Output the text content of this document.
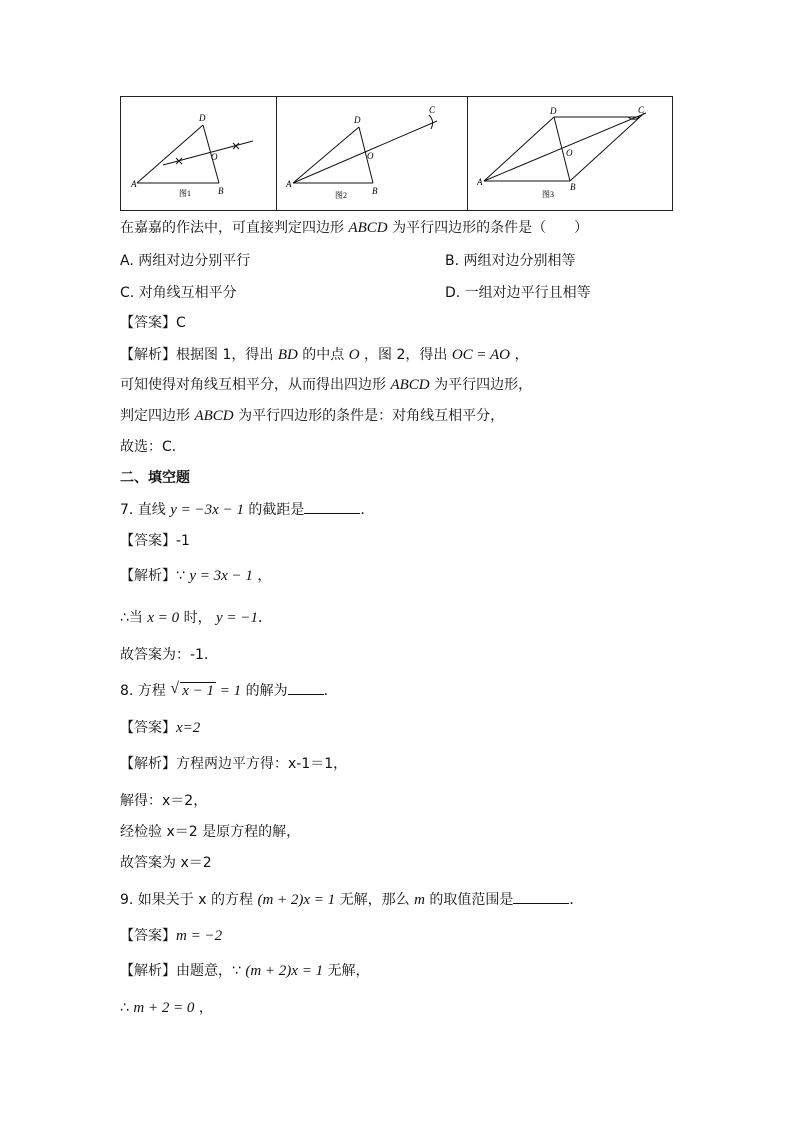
A
B
D
O
图1
A
B
D
O
C
图2
A	B
D
O
C
图3
在嘉嘉的作法中，可直接判定四边形 ABCD 为平行四边形的条件是（　　）
A. 两组对边分别平行	B. 两组对边分别相等
C. 对角线互相平分	D. 一组对边平行且相等
【答案】C
【解析】根据图 1，得出 BD 的中点 O ，图 2，得出 OC = AO ，
可知使得对角线互相平分，从而得出四边形 ABCD 为平行四边形，
判定四边形 ABCD 为平行四边形的条件是：对角线互相平分，
故选：C．
二、填空题
7. 直线 y = −3x − 1 的截距是	．
【答案】-1
【解析】∵ y = 3x − 1 ，
∴当 x = 0 时， y = −1．
故答案为：-1．
8. 方程 √ x − 1 = 1 的解为	．
【答案】x=2
【解析】方程两边平方得：x-1＝1，
解得：x＝2，
经检验 x＝2 是原方程的解，
故答案为 x＝2
9. 如果关于 x 的方程 (m + 2)x = 1 无解，那么 m 的取值范围是	．
【答案】m = −2
【解析】由题意，∵ (m + 2)x = 1 无解，
∴ m + 2 = 0 ，
